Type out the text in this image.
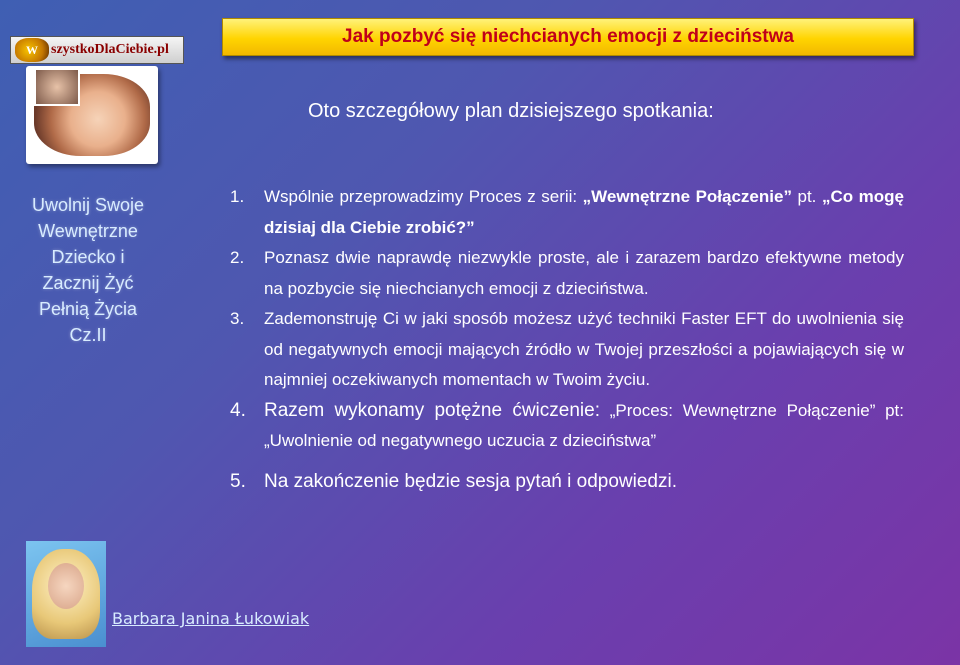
Jak pozbyć się niechcianych emocji z dzieciństwa
W szystkoDlaCiebie.pl
Uwolnij Swoje
Wewnętrzne
Dziecko i
Zacznij Żyć
Pełnią Życia
Cz.II
Oto szczegółowy plan dzisiejszego spotkania:
1.	Wspólnie przeprowadzimy Proces z serii: „Wewnętrzne Połączenie” pt. „Co mogę dzisiaj dla Ciebie zrobić?”
2.	Poznasz dwie naprawdę niezwykle proste, ale i zarazem bardzo efektywne metody na pozbycie się niechcianych emocji z dzieciństwa.
3.	Zademonstruję Ci w jaki sposób możesz użyć techniki Faster EFT do uwolnienia się od negatywnych emocji mających źródło w Twojej przeszłości a pojawiających się w najmniej oczekiwanych momentach w Twoim życiu.
4. Razem wykonamy potężne ćwiczenie: „Proces: Wewnętrzne Połączenie” pt: „Uwolnienie od negatywnego uczucia z dzieciństwa”
5. Na zakończenie będzie sesja pytań i odpowiedzi.
Barbara Janina Łukowiak
